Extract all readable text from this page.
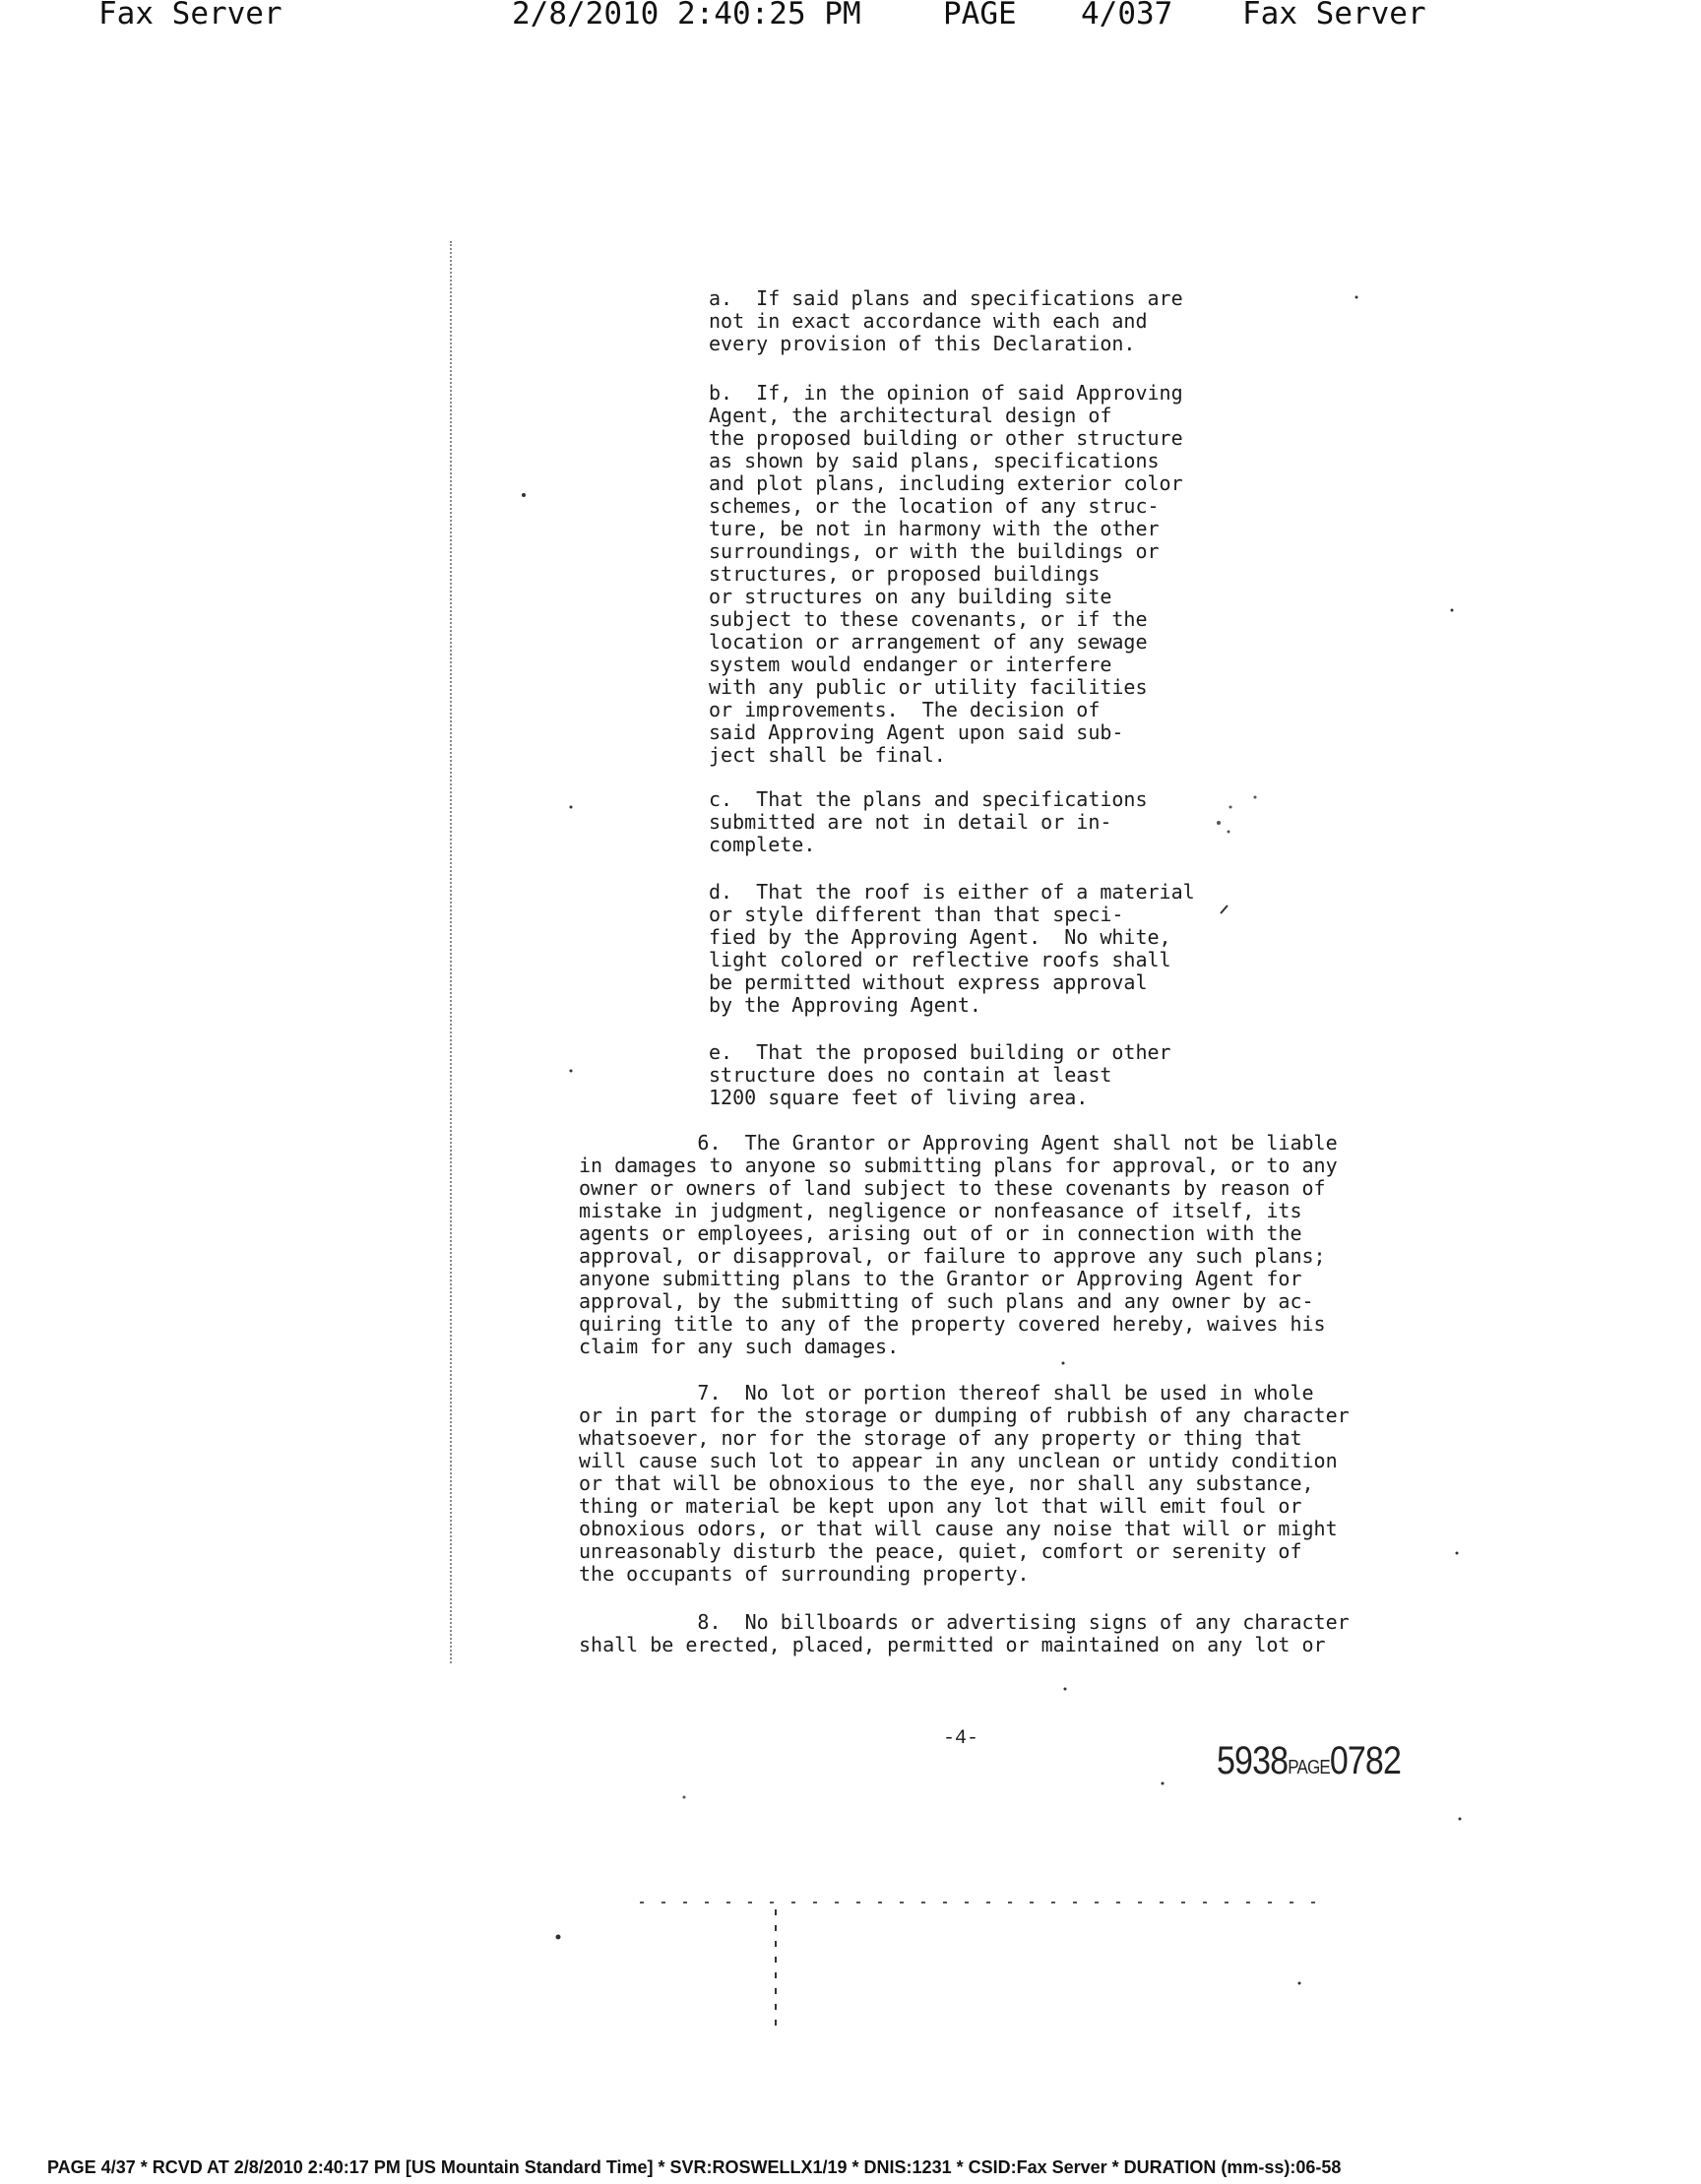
Fax Server	2/8/2010 2:40:25 PM	PAGE 4/037 Fax Server
a.  If said plans and specifications are
not in exact accordance with each and
every provision of this Declaration.
b.  If, in the opinion of said Approving
Agent, the architectural design of
the proposed building or other structure
as shown by said plans, specifications
and plot plans, including exterior color
schemes, or the location of any struc-
ture, be not in harmony with the other
surroundings, or with the buildings or
structures, or proposed buildings
or structures on any building site
subject to these covenants, or if the
location or arrangement of any sewage
system would endanger or interfere
with any public or utility facilities
or improvements.  The decision of
said Approving Agent upon said sub-
ject shall be final.
c.  That the plans and specifications
submitted are not in detail or in-
complete.
d.  That the roof is either of a material
or style different than that speci-
fied by the Approving Agent.  No white,
light colored or reflective roofs shall
be permitted without express approval
by the Approving Agent.
e.  That the proposed building or other
structure does no contain at least
1200 square feet of living area.
6.  The Grantor or Approving Agent shall not be liable
in damages to anyone so submitting plans for approval, or to any
owner or owners of land subject to these covenants by reason of
mistake in judgment, negligence or nonfeasance of itself, its
agents or employees, arising out of or in connection with the
approval, or disapproval, or failure to approve any such plans;
anyone submitting plans to the Grantor or Approving Agent for
approval, by the submitting of such plans and any owner by ac-
quiring title to any of the property covered hereby, waives his
claim for any such damages.
7.  No lot or portion thereof shall be used in whole
or in part for the storage or dumping of rubbish of any character
whatsoever, nor for the storage of any property or thing that
will cause such lot to appear in any unclean or untidy condition
or that will be obnoxious to the eye, nor shall any substance,
thing or material be kept upon any lot that will emit foul or
obnoxious odors, or that will cause any noise that will or might
unreasonably disturb the peace, quiet, comfort or serenity of
the occupants of surrounding property.
8.  No billboards or advertising signs of any character
shall be erected, placed, permitted or maintained on any lot or
-4-
5938PAGE0782
PAGE 4/37 * RCVD AT 2/8/2010 2:40:17 PM [US Mountain Standard Time] * SVR:ROSWELLX1/19 * DNIS:1231 * CSID:Fax Server * DURATION (mm-ss):06-58
